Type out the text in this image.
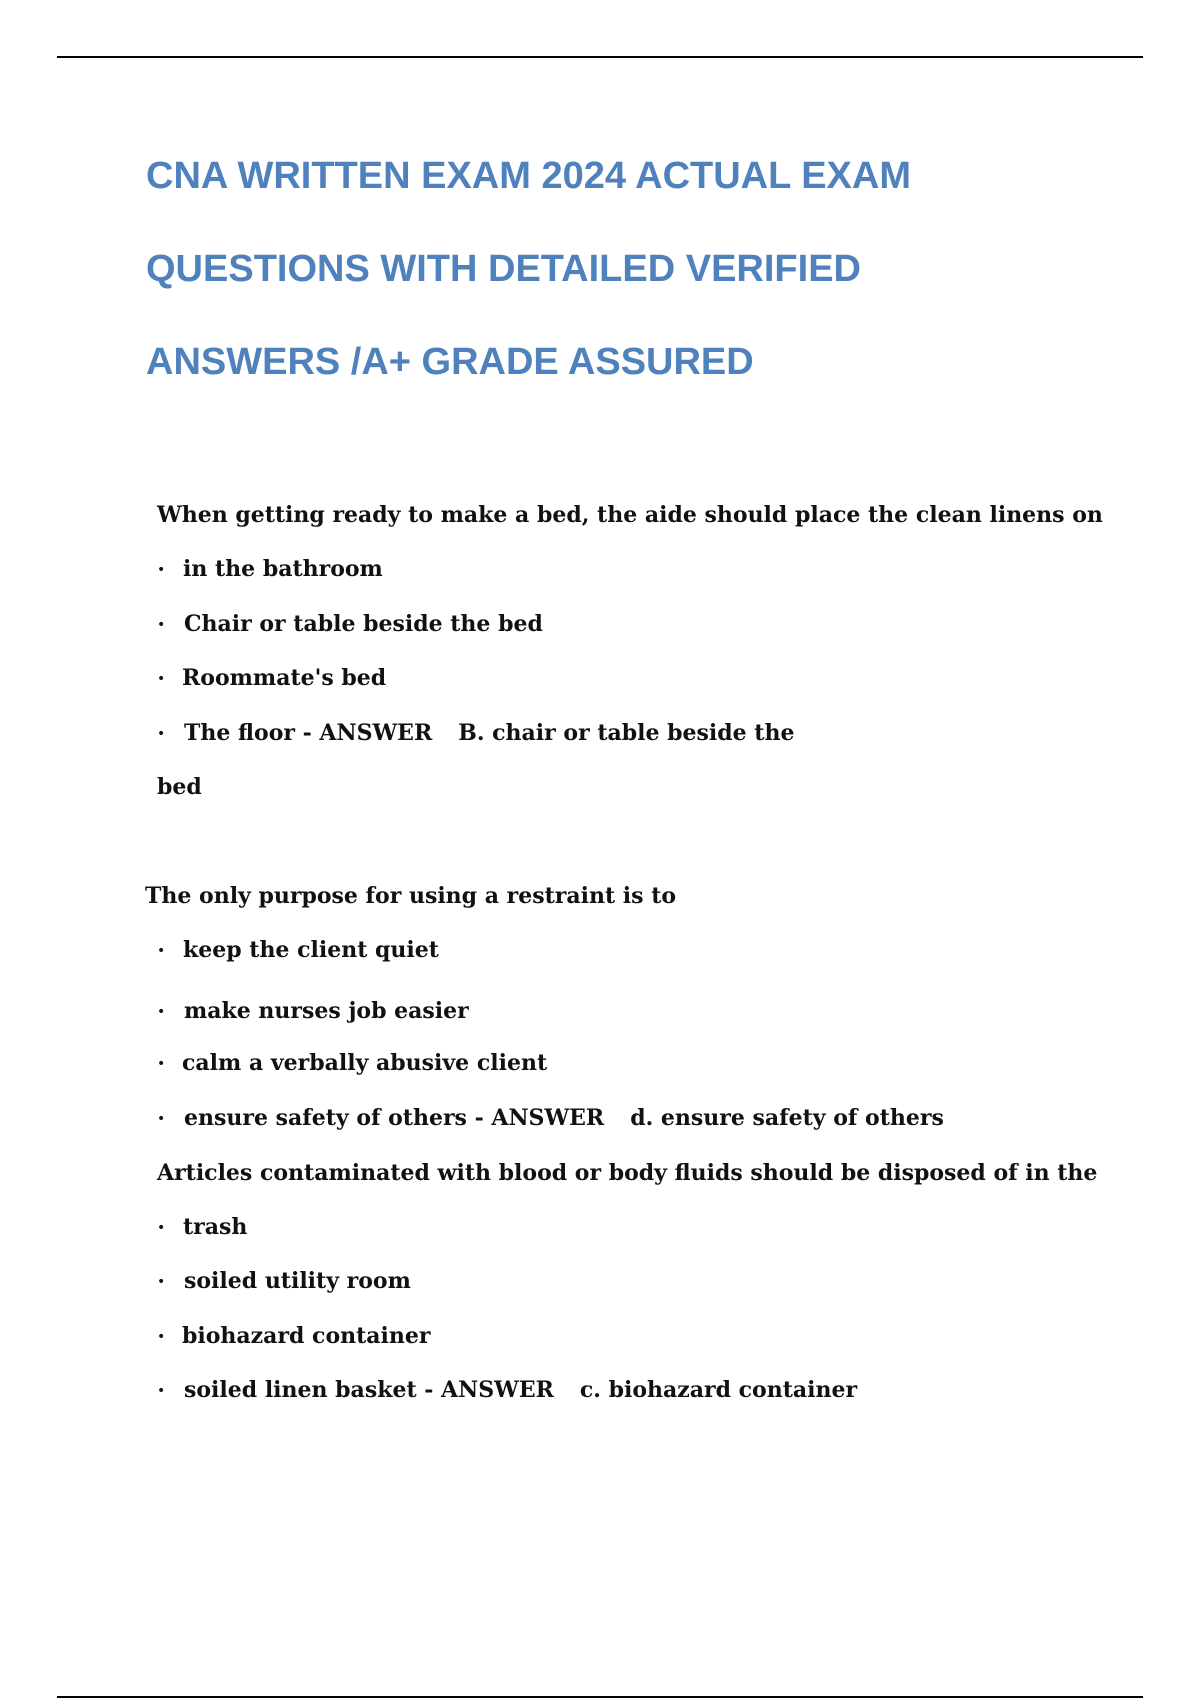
CNA WRITTEN EXAM 2024 ACTUAL EXAM
QUESTIONS WITH DETAILED VERIFIED
ANSWERS /A+ GRADE ASSURED
When getting ready to make a bed, the aide should place the clean linens on
• in the bathroom
• Chair or table beside the bed
• Roommate's bed
• The floor - ANSWER B. chair or table beside the
bed
The only purpose for using a restraint is to
• keep the client quiet
• make nurses job easier
• calm a verbally abusive client
• ensure safety of others - ANSWER d. ensure safety of others
Articles contaminated with blood or body fluids should be disposed of in the
• trash
• soiled utility room
• biohazard container
• soiled linen basket - ANSWER c. biohazard container
